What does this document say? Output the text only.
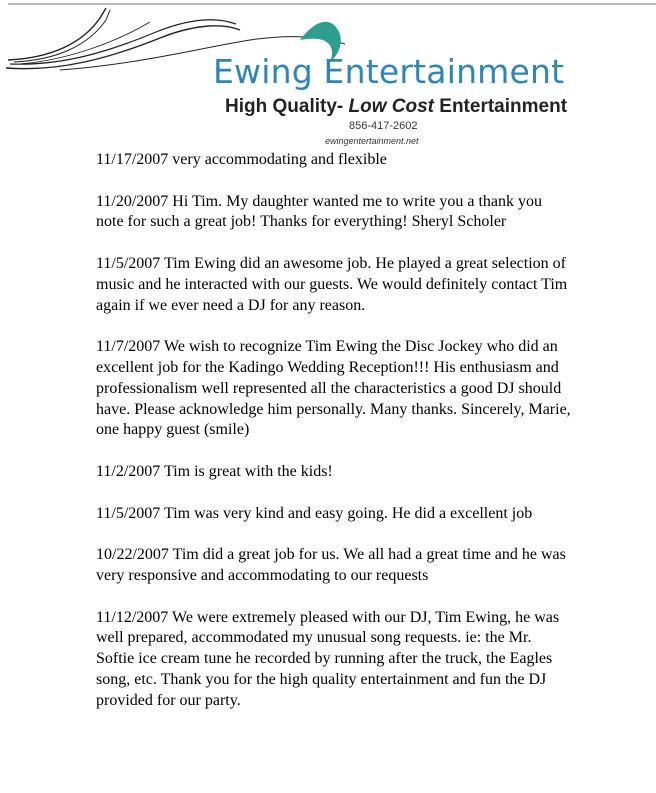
Ewing Entertainment
High Quality- Low Cost Entertainment
856-417-2602
ewingentertainment.net

11/17/2007 very accommodating and flexible

11/20/2007 Hi Tim. My daughter wanted me to write you a thank you note for such a great job! Thanks for everything! Sheryl Scholer

11/5/2007 Tim Ewing did an awesome job. He played a great selection of music and he interacted with our guests. We would definitely contact Tim again if we ever need a DJ for any reason.

11/7/2007 We wish to recognize Tim Ewing the Disc Jockey who did an excellent job for the Kadingo Wedding Reception!!! His enthusiasm and professionalism well represented all the characteristics a good DJ should have. Please acknowledge him personally. Many thanks. Sincerely, Marie, one happy guest (smile)

11/2/2007 Tim is great with the kids!

11/5/2007 Tim was very kind and easy going. He did a excellent job

10/22/2007 Tim did a great job for us. We all had a great time and he was very responsive and accommodating to our requests

11/12/2007 We were extremely pleased with our DJ, Tim Ewing, he was well prepared, accommodated my unusual song requests. ie: the Mr. Softie ice cream tune he recorded by running after the truck, the Eagles song, etc. Thank you for the high quality entertainment and fun the DJ provided for our party.
